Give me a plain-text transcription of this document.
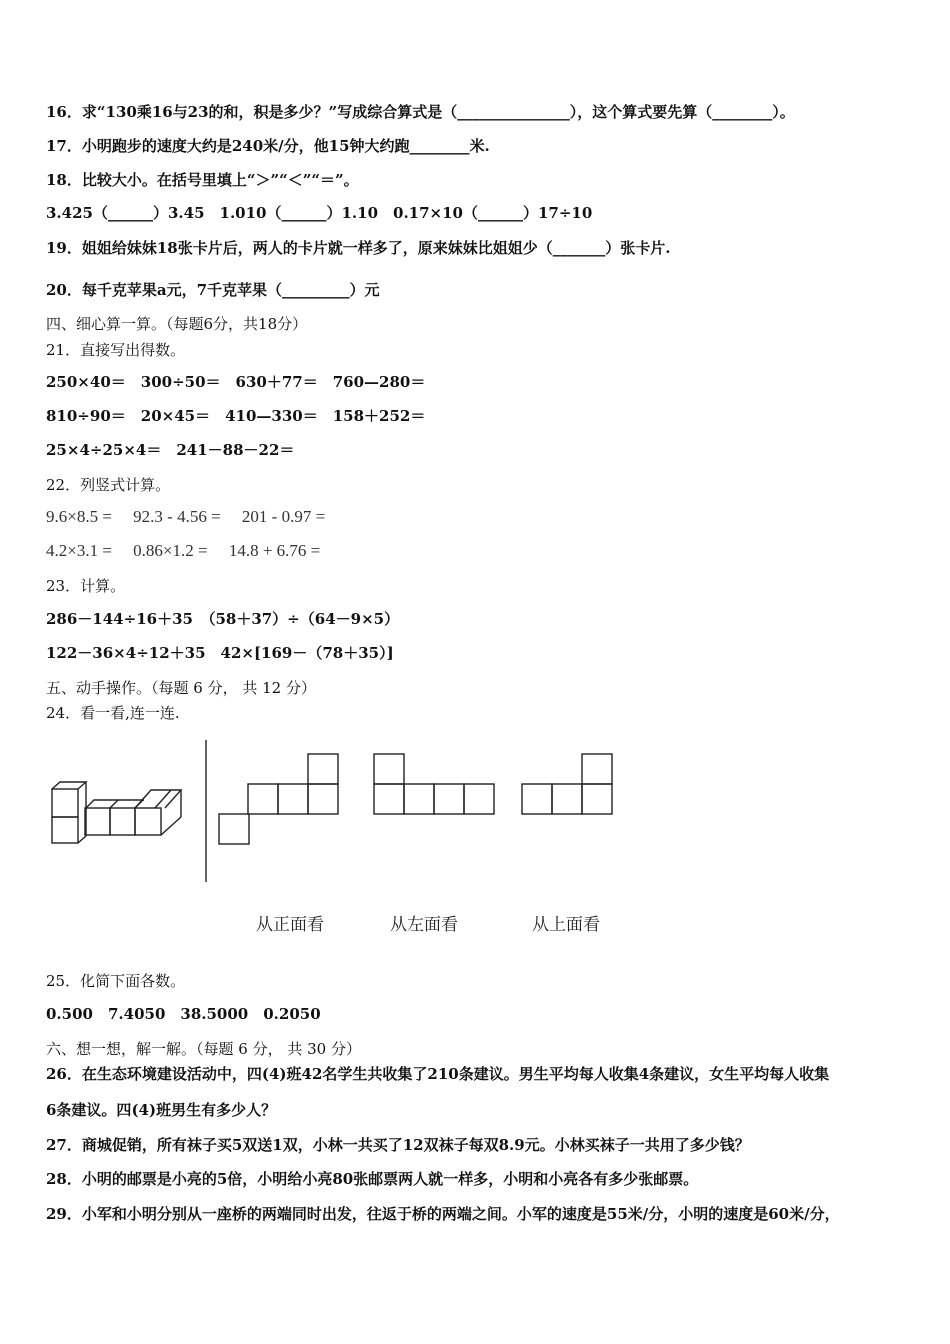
16．求“130乘16与23的和，积是多少？”写成综合算式是（_______________），这个算式要先算（________）。
17．小明跑步的速度大约是240米/分，他15钟大约跑________米.
18．比较大小。在括号里填上“＞”“＜”“＝”。
3.425（______）3.45　1.010（______）1.10　0.17×10（______）17÷10
19．姐姐给妹妹18张卡片后，两人的卡片就一样多了，原来妹妹比姐姐少（_______）张卡片.
20．每千克苹果a元，7千克苹果（_________）元
四、细心算一算。（每题6分，共18分）
21．直接写出得数。
250×40＝　300÷50＝　630＋77＝　760—280＝
810÷90＝　20×45＝　410—330＝　158＋252＝
25×4÷25×4＝　241－88－22＝
22．列竖式计算。
9.6×8.5 =　 92.3 - 4.56 =　 201 - 0.97 =
4.2×3.1 =　 0.86×1.2 =　 14.8 + 6.76 =
23．计算。
286－144÷16＋35　（58＋37）÷（64－9×5）
122－36×4÷12＋35　42×[169－（78＋35）]
五、动手操作。（每题 6 分， 共 12 分）
24．看一看,连一连.
从正面看	从左面看	从上面看
25．化简下面各数。
0.500　7.4050　38.5000　0.2050
六、想一想，解一解。（每题 6 分， 共 30 分）
26．在生态环境建设活动中，四(4)班42名学生共收集了210条建议。男生平均每人收集4条建议，女生平均每人收集
6条建议。四(4)班男生有多少人？
27．商城促销，所有袜子买5双送1双，小林一共买了12双袜子每双8.9元。小林买袜子一共用了多少钱？
28．小明的邮票是小亮的5倍，小明给小亮80张邮票两人就一样多，小明和小亮各有多少张邮票。
29．小军和小明分别从一座桥的两端同时出发，往返于桥的两端之间。小军的速度是55米/分，小明的速度是60米/分，
